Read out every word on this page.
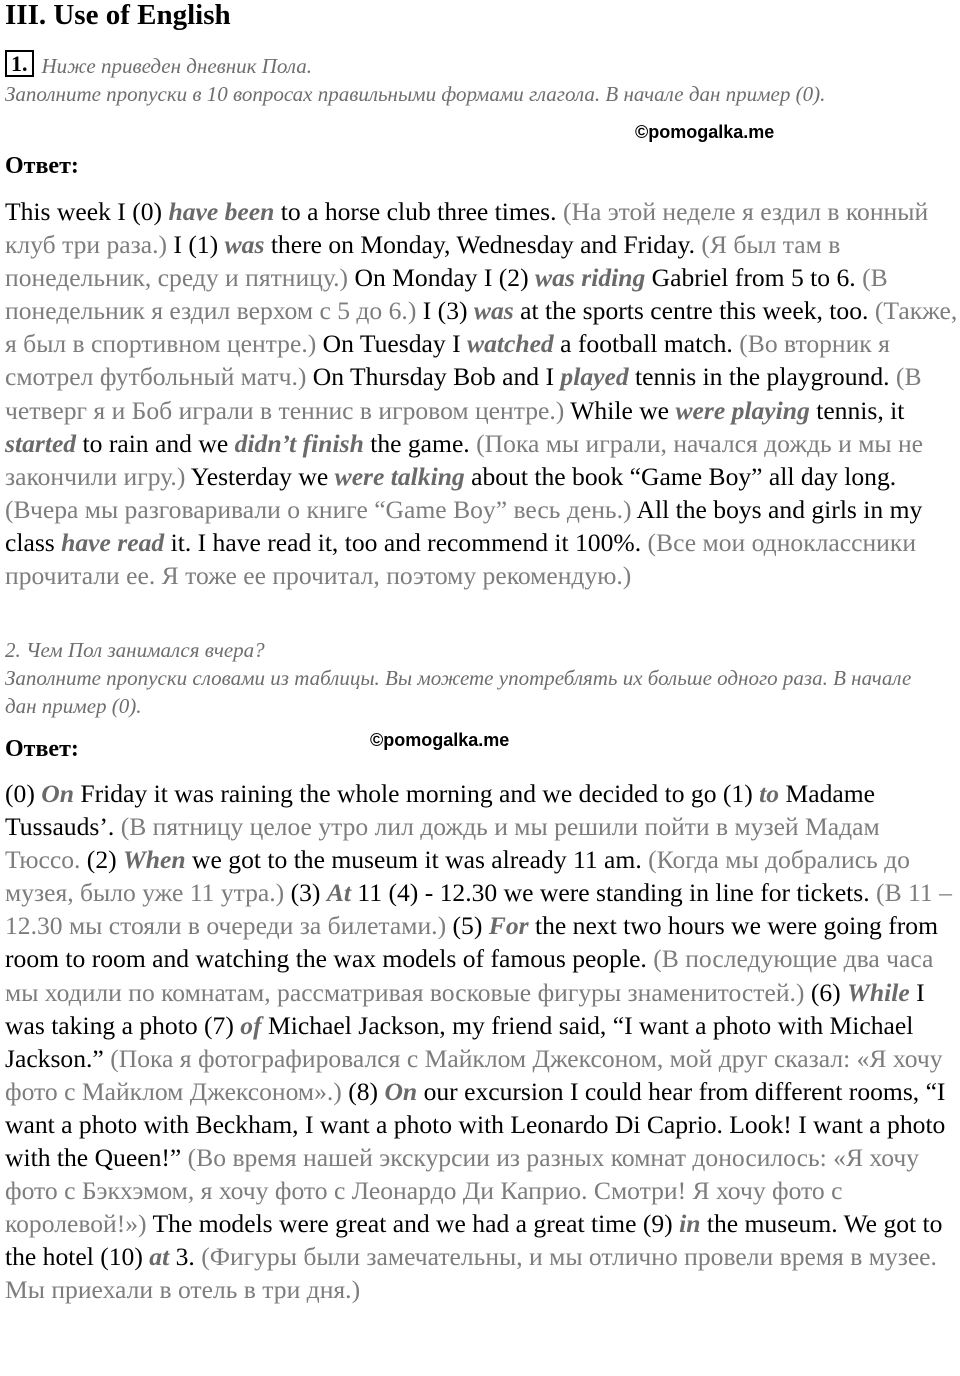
III. Use of English
1. Ниже приведен дневник Пола.
Заполните пропуски в 10 вопросах правильными формами глагола. В начале дан пример (0).
©pomogalka.me
Ответ:
This week I (0) have been to a horse club three times. (На этой неделе я ездил в конный клуб три раза.) I (1) was there on Monday, Wednesday and Friday. (Я был там в понедельник, среду и пятницу.) On Monday I (2) was riding Gabriel from 5 to 6. (В понедельник я ездил верхом с 5 до 6.) I (3) was at the sports centre this week, too. (Также, я был в спортивном центре.) On Tuesday I watched a football match. (Во вторник я смотрел футбольный матч.) On Thursday Bob and I played tennis in the playground. (В четверг я и Боб играли в теннис в игровом центре.) While we were playing tennis, it started to rain and we didn’t finish the game. (Пока мы играли, начался дождь и мы не закончили игру.) Yesterday we were talking about the book “Game Boy” all day long. (Вчера мы разговаривали о книге “Game Boy” весь день.) All the boys and girls in my class have read it. I have read it, too and recommend it 100%. (Все мои одноклассники прочитали ее. Я тоже ее прочитал, поэтому рекомендую.)
2. Чем Пол занимался вчера?
Заполните пропуски словами из таблицы. Вы можете употреблять их больше одного раза. В начале дан пример (0).
Ответ:	©pomogalka.me
(0) On Friday it was raining the whole morning and we decided to go (1) to Madame Tussauds’. (В пятницу целое утро лил дождь и мы решили пойти в музей Мадам Тюссо. (2) When we got to the museum it was already 11 am. (Когда мы добрались до музея, было уже 11 утра.) (3) At 11 (4) - 12.30 we were standing in line for tickets. (В 11 – 12.30 мы стояли в очереди за билетами.) (5) For the next two hours we were going from room to room and watching the wax models of famous people. (В последующие два часа мы ходили по комнатам, рассматривая восковые фигуры знаменитостей.) (6) While I was taking a photo (7) of Michael Jackson, my friend said, “I want a photo with Michael Jackson.” (Пока я фотографировался с Майклом Джексоном, мой друг сказал: «Я хочу фото с Майклом Джексоном».) (8) On our excursion I could hear from different rooms, “I want a photo with Beckham, I want a photo with Leonardo Di Caprio. Look! I want a photo with the Queen!” (Во время нашей экскурсии из разных комнат доносилось: «Я хочу фото с Бэкхэмом, я хочу фото с Леонардо Ди Каприо. Смотри! Я хочу фото с королевой!») The models were great and we had a great time (9) in the museum. We got to the hotel (10) at 3. (Фигуры были замечательны, и мы отлично провели время в музее. Мы приехали в отель в три дня.)
